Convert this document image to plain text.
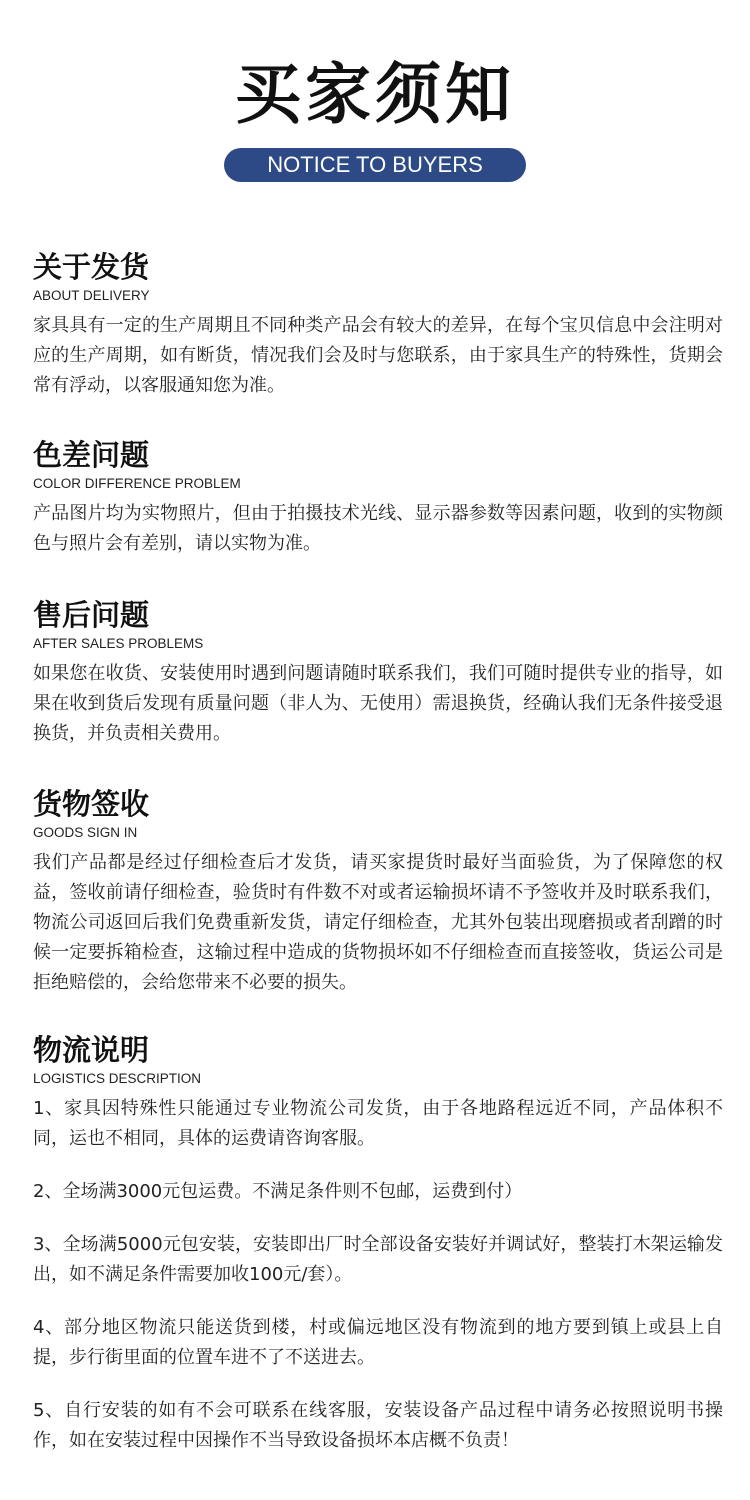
买家须知
NOTICE TO BUYERS
关于发货
ABOUT DELIVERY

家具具有一定的生产周期且不同种类产品会有较大的差异，在每个宝贝信息中会注明对应的生产周期，如有断货，情况我们会及时与您联系，由于家具生产的特殊性，货期会常有浮动，以客服通知您为准。

色差问题
COLOR DIFFERENCE PROBLEM

产品图片均为实物照片，但由于拍摄技术光线、显示器参数等因素问题，收到的实物颜色与照片会有差别，请以实物为准。

售后问题
AFTER SALES PROBLEMS

如果您在收货、安装使用时遇到问题请随时联系我们，我们可随时提供专业的指导，如果在收到货后发现有质量问题（非人为、无使用）需退换货，经确认我们无条件接受退换货，并负责相关费用。

货物签收
GOODS SIGN IN

我们产品都是经过仔细检查后才发货，请买家提货时最好当面验货，为了保障您的权益，签收前请仔细检查，验货时有件数不对或者运输损坏请不予签收并及时联系我们，物流公司返回后我们免费重新发货，请定仔细检查，尤其外包装出现磨损或者刮蹭的时候一定要拆箱检查，这输过程中造成的货物损坏如不仔细检查而直接签收，货运公司是拒绝赔偿的，会给您带来不必要的损失。

物流说明
LOGISTICS DESCRIPTION

1、家具因特殊性只能通过专业物流公司发货，由于各地路程远近不同，产品体积不同，运也不相同，具体的运费请咨询客服。

2、全场满3000元包运费。不满足条件则不包邮，运费到付）

3、全场满5000元包安装，安装即出厂时全部设备安装好并调试好，整装打木架运输发出，如不满足条件需要加收100元/套）。

4、部分地区物流只能送货到楼，村或偏远地区没有物流到的地方要到镇上或县上自提，步行街里面的位置车进不了不送进去。

5、自行安装的如有不会可联系在线客服，安装设备产品过程中请务必按照说明书操作，如在安装过程中因操作不当导致设备损坏本店概不负责！
